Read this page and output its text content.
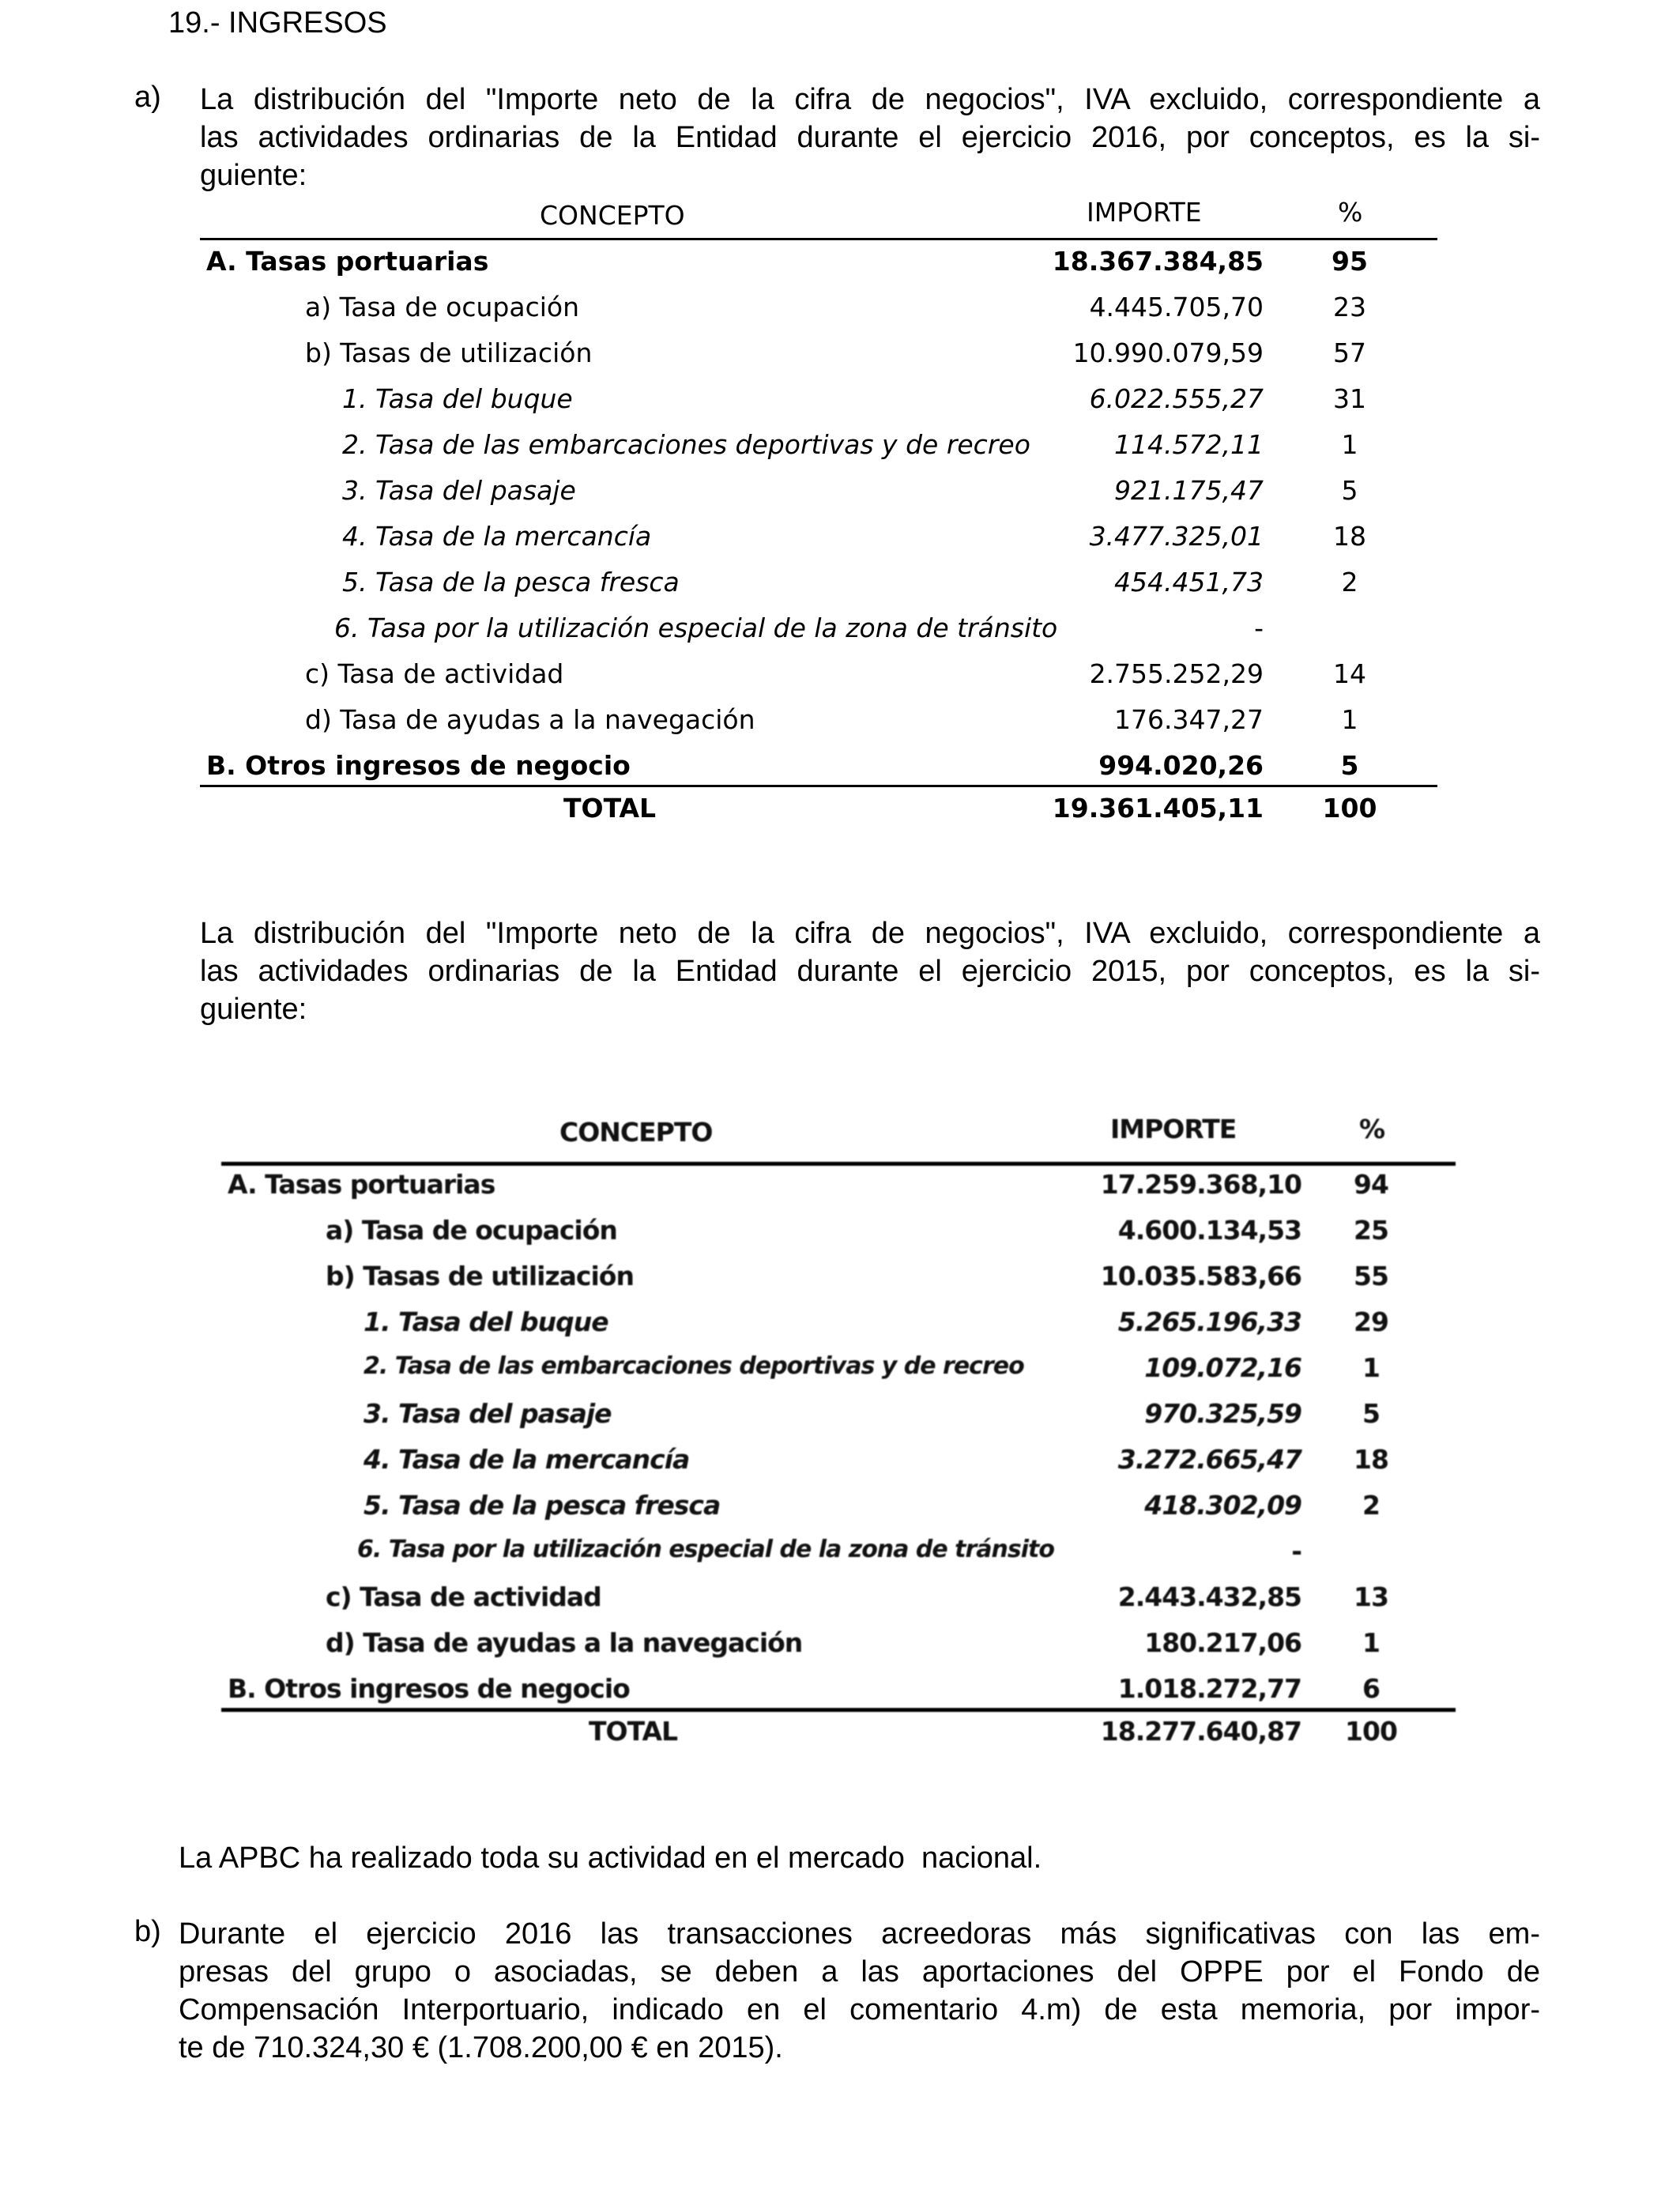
19.- INGRESOS
a) La distribución del "Importe neto de la cifra de negocios", IVA excluido, correspondiente a
las actividades ordinarias de la Entidad durante el ejercicio 2016, por conceptos, es la si-
guiente:
CONCEPTO	IMPORTE	%
A. Tasas portuarias	18.367.384,85	95
a) Tasa de ocupación	4.445.705,70	23
b) Tasas de utilización	10.990.079,59	57
1. Tasa del buque	6.022.555,27	31
2. Tasa de las embarcaciones deportivas y de recreo	114.572,11	1
3. Tasa del pasaje	921.175,47	5
4. Tasa de la mercancía	3.477.325,01	18
5. Tasa de la pesca fresca	454.451,73	2
6. Tasa por la utilización especial de la zona de tránsito	-
c) Tasa de actividad	2.755.252,29	14
d) Tasa de ayudas a la navegación	176.347,27	1
B. Otros ingresos de negocio	994.020,26	5
TOTAL	19.361.405,11 100
La distribución del "Importe neto de la cifra de negocios", IVA excluido, correspondiente a
las actividades ordinarias de la Entidad durante el ejercicio 2015, por conceptos, es la si-
guiente:
CONCEPTO	IMPORTE	%
A. Tasas portuarias	17.259.368,10	94
a) Tasa de ocupación	4.600.134,53	25
b) Tasas de utilización	10.035.583,66	55
1. Tasa del buque	5.265.196,33	29
2. Tasa de las embarcaciones deportivas y de recreo	109.072,16	1
3. Tasa del pasaje	970.325,59	5
4. Tasa de la mercancía	3.272.665,47	18
5. Tasa de la pesca fresca	418.302,09	2
6. Tasa por la utilización especial de la zona de tránsito	-
c) Tasa de actividad	2.443.432,85	13
d) Tasa de ayudas a la navegación	180.217,06	1
B. Otros ingresos de negocio	1.018.272,77	6
TOTAL	18.277.640,87 100
La APBC ha realizado toda su actividad en el mercado  nacional.
b) Durante el ejercicio 2016 las transacciones acreedoras más significativas con las em-
presas del grupo o asociadas, se deben a las aportaciones del OPPE por el Fondo de
Compensación Interportuario, indicado en el comentario 4.m) de esta memoria, por impor-
te de 710.324,30 € (1.708.200,00 € en 2015).
